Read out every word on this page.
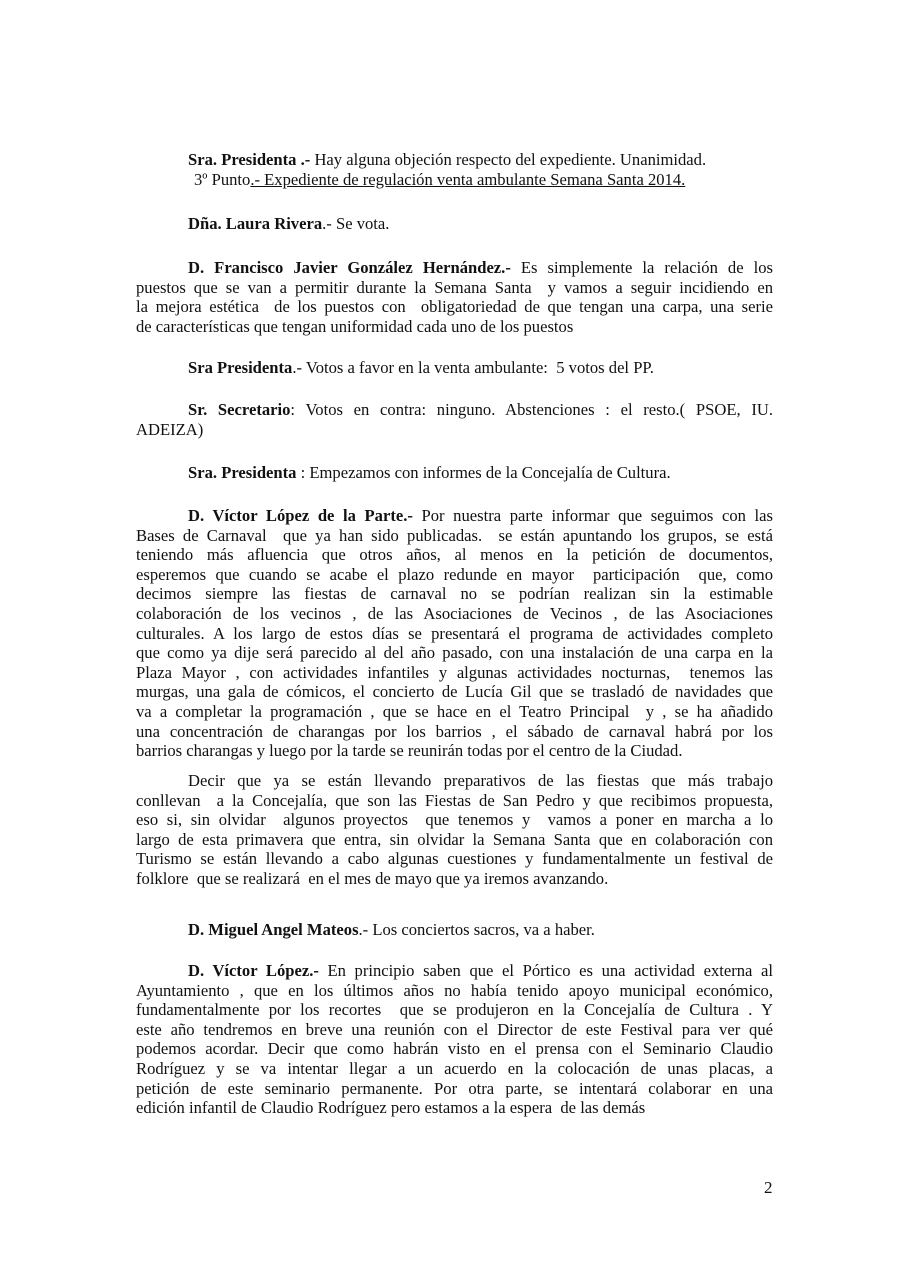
Sra. Presidenta .- Hay alguna objeción respecto del expediente. Unanimidad.
3º Punto.- Expediente de regulación venta ambulante Semana Santa 2014.
Dña. Laura Rivera.- Se vota.
D. Francisco Javier González Hernández.- Es simplemente la relación de los
puestos que se van a permitir durante la Semana Santa  y vamos a seguir incidiendo en
la mejora estética  de los puestos con  obligatoriedad de que tengan una carpa, una serie
de características que tengan uniformidad cada uno de los puestos
Sra Presidenta.- Votos a favor en la venta ambulante:  5 votos del PP.
Sr. Secretario: Votos en contra: ninguno. Abstenciones : el resto.( PSOE, IU.
ADEIZA)
Sra. Presidenta : Empezamos con informes de la Concejalía de Cultura.
D. Víctor López de la Parte.- Por nuestra parte informar que seguimos con las
Bases de Carnaval  que ya han sido publicadas.  se están apuntando los grupos, se está
teniendo más afluencia que otros años, al menos en la petición de documentos,
esperemos que cuando se acabe el plazo redunde en mayor  participación  que, como
decimos siempre las fiestas de carnaval no se podrían realizan sin la estimable
colaboración de los vecinos , de las Asociaciones de Vecinos , de las Asociaciones
culturales. A los largo de estos días se presentará el programa de actividades completo
que como ya dije será parecido al del año pasado, con una instalación de una carpa en la
Plaza Mayor , con actividades infantiles y algunas actividades nocturnas,  tenemos las
murgas, una gala de cómicos, el concierto de Lucía Gil que se trasladó de navidades que
va a completar la programación , que se hace en el Teatro Principal  y , se ha añadido
una concentración de charangas por los barrios , el sábado de carnaval habrá por los
barrios charangas y luego por la tarde se reunirán todas por el centro de la Ciudad.
Decir que ya se están llevando preparativos de las fiestas que más trabajo
conllevan  a la Concejalía, que son las Fiestas de San Pedro y que recibimos propuesta,
eso si, sin olvidar  algunos proyectos  que tenemos y  vamos a poner en marcha a lo
largo de esta primavera que entra, sin olvidar la Semana Santa que en colaboración con
Turismo se están llevando a cabo algunas cuestiones y fundamentalmente un festival de
folklore  que se realizará  en el mes de mayo que ya iremos avanzando.
D. Miguel Angel Mateos.- Los conciertos sacros, va a haber.
D. Víctor López.- En principio saben que el Pórtico es una actividad externa al
Ayuntamiento , que en los últimos años no había tenido apoyo municipal económico,
fundamentalmente por los recortes  que se produjeron en la Concejalía de Cultura . Y
este año tendremos en breve una reunión con el Director de este Festival para ver qué
podemos acordar. Decir que como habrán visto en el prensa con el Seminario Claudio
Rodríguez y se va intentar llegar a un acuerdo en la colocación de unas placas, a
petición de este seminario permanente. Por otra parte, se intentará colaborar en una
edición infantil de Claudio Rodríguez pero estamos a la espera  de las demás
2
